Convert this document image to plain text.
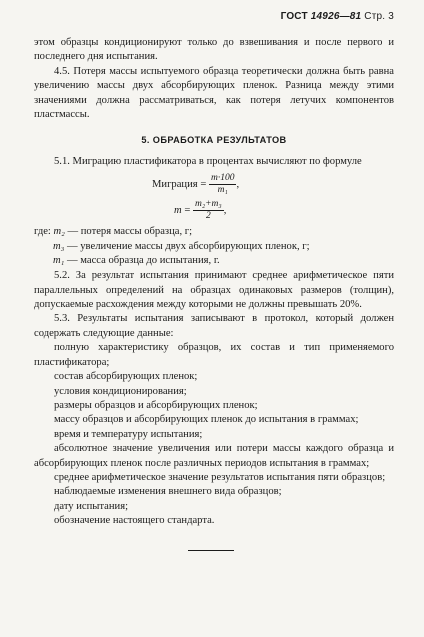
ГОСТ 14926—81 Стр. 3

этом образцы кондиционируют только до взвешивания и после первого и последнего дня испытания.

4.5. Потеря массы испытуемого образца теоретически должна быть равна увеличению массы двух абсорбирующих пленок. Разница между этими значениями должна рассматриваться, как потеря летучих компонентов пластмассы.

5. ОБРАБОТКА РЕЗУЛЬТАТОВ

5.1. Миграцию пластификатора в процентах вычисляют по формуле

Миграция = $\frac{m\cdot 100}{\text{m₁}}$ ,
$m = \frac{\text{m₂+m₃}}{2}$ ,
где: m₂ — потеря массы образца, г;
m₃ — увеличение массы двух абсорбирующих пленок, г;
m₁ — масса образца до испытания, г.

5.2. За результат испытания принимают среднее арифметическое пяти параллельных определений на образцах одинаковых размеров (толщин), допускаемые расхождения между которыми не должны превышать 20%.

5.3. Результаты испытания записывают в протокол, который должен содержать следующие данные:

полную характеристику образцов, их состав и тип применяемого пластификатора;

состав абсорбирующих пленок;

условия кондиционирования;

размеры образцов и абсорбирующих пленок;

массу образцов и абсорбирующих пленок до испытания в граммах;

время и температуру испытания;

абсолютное значение увеличения или потери массы каждого образца и абсорбирующих пленок после различных периодов испытания в граммах;

среднее арифметическое значение результатов испытания пяти образцов;

наблюдаемые изменения внешнего вида образцов;

дату испытания;

обозначение настоящего стандарта.
